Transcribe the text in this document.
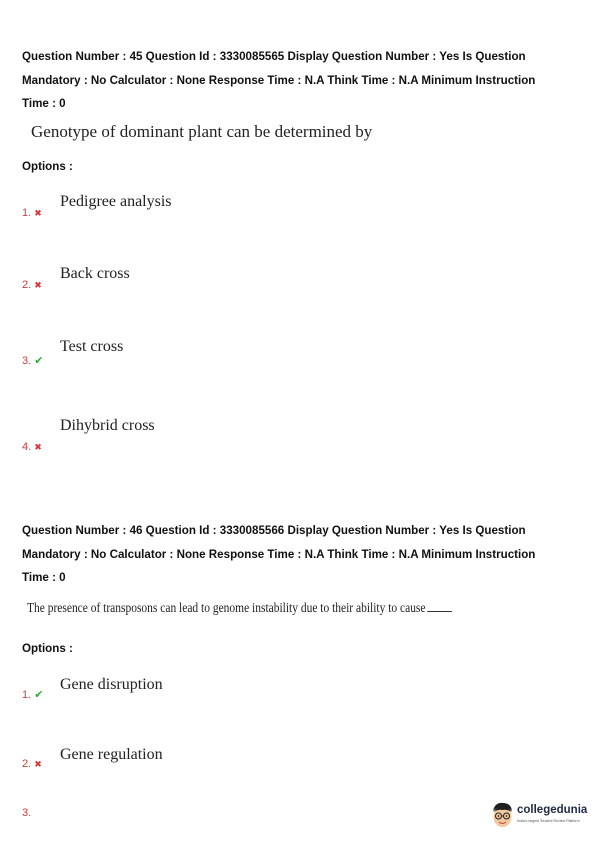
Question Number : 45 Question Id : 3330085565 Display Question Number : Yes Is Question
Mandatory : No Calculator : None Response Time : N.A Think Time : N.A Minimum Instruction
Time : 0
Genotype of dominant plant can be determined by
Options :
1. ✖
Pedigree analysis
2. ✖
Back cross
3. ✔
Test cross
4. ✖
Dihybrid cross
Question Number : 46 Question Id : 3330085566 Display Question Number : Yes Is Question
Mandatory : No Calculator : None Response Time : N.A Think Time : N.A Minimum Instruction
Time : 0
The presence of transposons can lead to genome instability due to their ability to cause
Options :
1. ✔
Gene disruption
2. ✖
Gene regulation
3.	collegedunia
India's largest Student Review Platform
